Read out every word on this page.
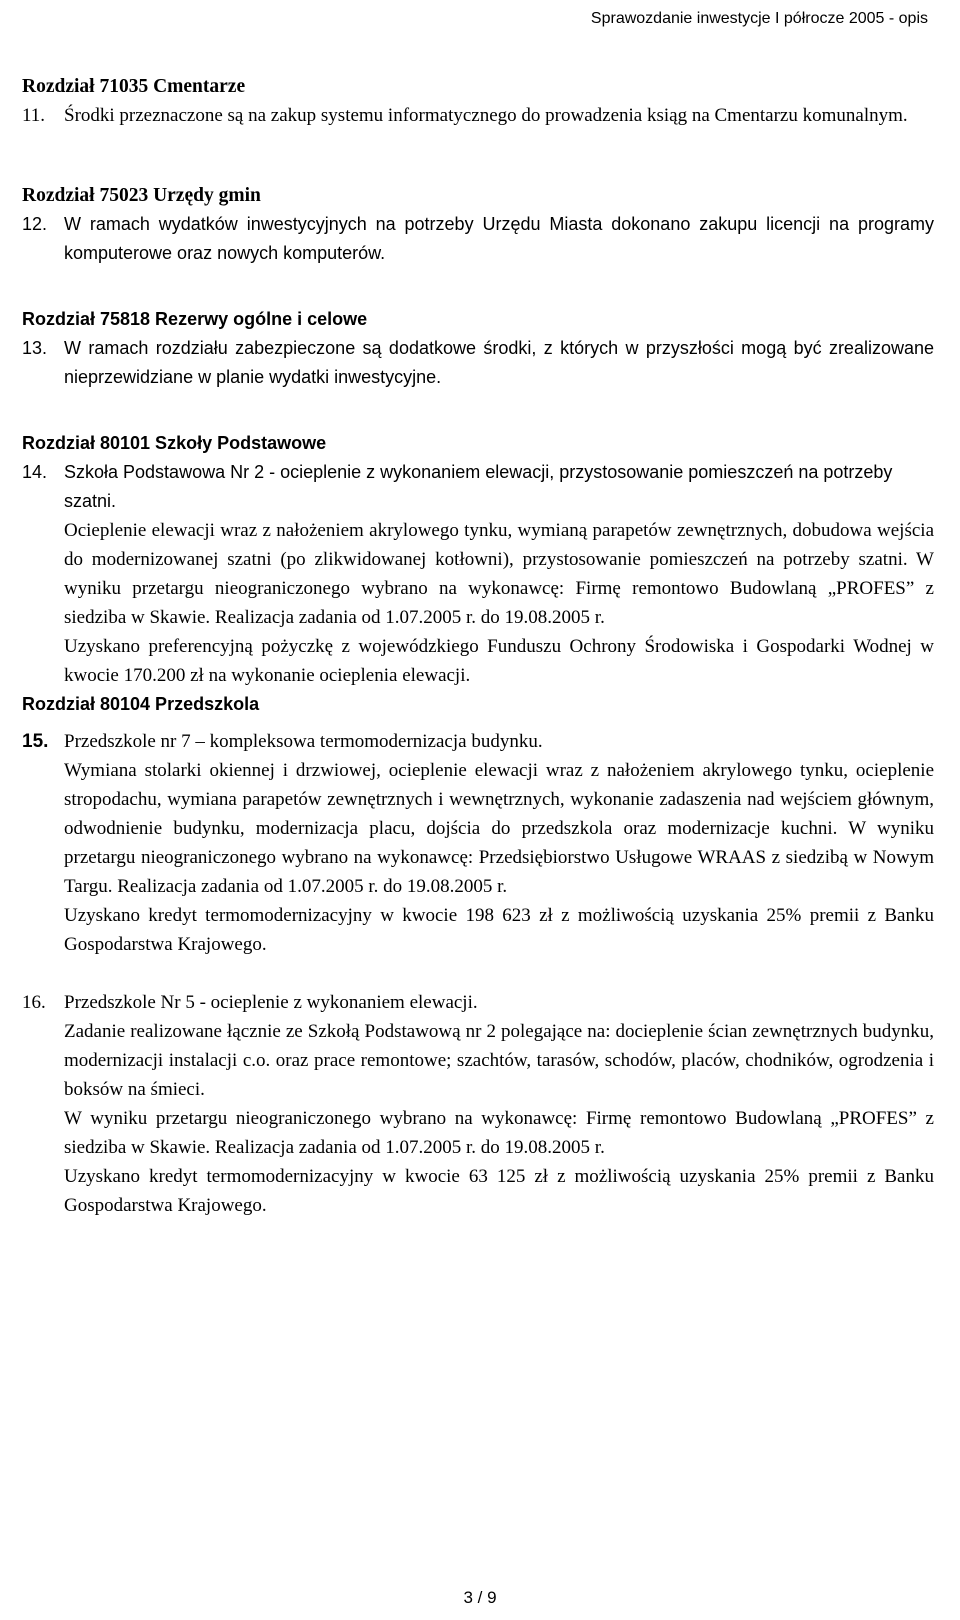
Sprawozdanie inwestycje I półrocze 2005 - opis

Rozdział 71035 Cmentarze

11. Środki przeznaczone są na zakup systemu informatycznego do prowadzenia ksiąg na Cmentarzu komunalnym.

Rozdział 75023 Urzędy gmin

12. W ramach wydatków inwestycyjnych na potrzeby Urzędu Miasta dokonano zakupu licencji na programy komputerowe oraz nowych komputerów.

Rozdział 75818 Rezerwy ogólne i celowe

13. W ramach rozdziału zabezpieczone są dodatkowe środki, z których w przyszłości mogą być zrealizowane nieprzewidziane w planie wydatki inwestycyjne.

Rozdział 80101 Szkoły Podstawowe

14. Szkoła Podstawowa Nr 2 - ocieplenie z wykonaniem elewacji, przystosowanie pomieszczeń na potrzeby szatni.

Ocieplenie elewacji wraz z nałożeniem akrylowego tynku, wymianą parapetów zewnętrznych, dobudowa wejścia do modernizowanej szatni (po zlikwidowanej kotłowni), przystosowanie pomieszczeń na potrzeby szatni. W wyniku przetargu nieograniczonego wybrano na wykonawcę: Firmę remontowo Budowlaną „PROFES” z siedziba w Skawie. Realizacja zadania od 1.07.2005 r. do 19.08.2005 r.

Uzyskano preferencyjną pożyczkę z wojewódzkiego Funduszu Ochrony Środowiska i Gospodarki Wodnej w kwocie 170.200 zł na wykonanie ocieplenia elewacji.

Rozdział 80104 Przedszkola

15. Przedszkole nr 7 – kompleksowa termomodernizacja budynku.

Wymiana stolarki okiennej i drzwiowej, ocieplenie elewacji wraz z nałożeniem akrylowego tynku, ocieplenie stropodachu, wymiana parapetów zewnętrznych i wewnętrznych, wykonanie zadaszenia nad wejściem głównym, odwodnienie budynku, modernizacja placu, dojścia do przedszkola oraz modernizacje kuchni. W wyniku przetargu nieograniczonego wybrano na wykonawcę: Przedsiębiorstwo Usługowe WRAAS z siedzibą w Nowym Targu. Realizacja zadania od 1.07.2005 r. do 19.08.2005 r.

Uzyskano kredyt termomodernizacyjny w kwocie 198 623 zł z możliwością uzyskania 25% premii z Banku Gospodarstwa Krajowego.

16. Przedszkole Nr 5 - ocieplenie z wykonaniem elewacji.

Zadanie realizowane łącznie ze Szkołą Podstawową nr 2 polegające na: docieplenie ścian zewnętrznych budynku, modernizacji instalacji c.o. oraz prace remontowe; szachtów, tarasów, schodów, placów, chodników, ogrodzenia i boksów na śmieci.

W wyniku przetargu nieograniczonego wybrano na wykonawcę: Firmę remontowo Budowlaną „PROFES” z siedziba w Skawie. Realizacja zadania od 1.07.2005 r. do 19.08.2005 r.

Uzyskano kredyt termomodernizacyjny w kwocie 63 125 zł z możliwością uzyskania 25% premii z Banku Gospodarstwa Krajowego.

3 / 9
